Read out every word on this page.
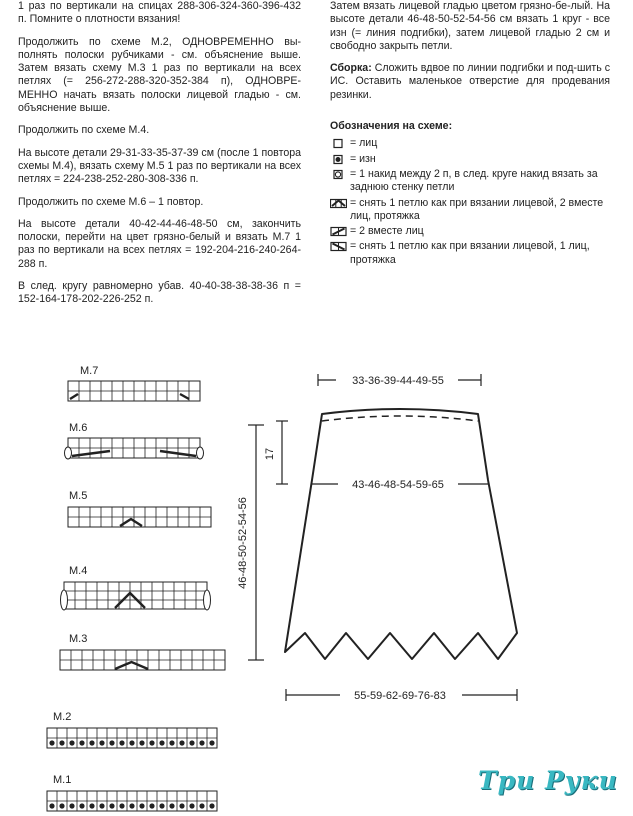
1 раз по вертикали на спицах 288-306-324-360-396-432 п. Помните о плотности вязания!

Продолжить по схеме М.2, ОДНОВРЕМЕННО вы-полнять полоски рубчиками - см. объяснение выше. Затем вязать схему М.3 1 раз по вертикали на всех петлях (= 256-272-288-320-352-384 п), ОДНОВРЕ-МЕННО начать вязать полоски лицевой гладью - см. объяснение выше.

Продолжить по схеме М.4.

На высоте детали 29-31-33-35-37-39 см (после 1 повтора схемы М.4), вязать схему М.5 1 раз по вертикали на всех петлях = 224-238-252-280-308-336 п.

Продолжить по схеме М.6 – 1 повтор.

На высоте детали 40-42-44-46-48-50 см, закончить полоски, перейти на цвет грязно-белый и вязать М.7 1 раз по вертикали на всех петлях = 192-204-216-240-264-288 п.

В след. кругу равномерно убав. 40-40-38-38-38-36 п = 152-164-178-202-226-252 п.

Затем вязать лицевой гладью цветом грязно-бе-лый. На высоте детали 46-48-50-52-54-56 см вязать 1 круг - все изн (= линия подгибки), затем лицевой гладью 2 см и свободно закрыть петли.

Сборка: Сложить вдвое по линии подгибки и под-шить с ИС. Оставить маленькое отверстие для продевания резинки.

Обозначения на схеме:
= лиц
= изн
= 1 накид между 2 п, в след. круге накид вязать за заднюю стенку петли
= снять 1 петлю как при вязании лицевой, 2 вместе лиц, протяжка
= 2 вместе лиц
= снять 1 петлю как при вязании лицевой, 1 лиц, протяжка
M.7
M.6
M.5
M.4
M.3
M.2
M.1
33-36-39-44-49-55
43-46-48-54-59-65
55-59-62-69-76-83
46-48-50-52-54-56
17
Три Руки
